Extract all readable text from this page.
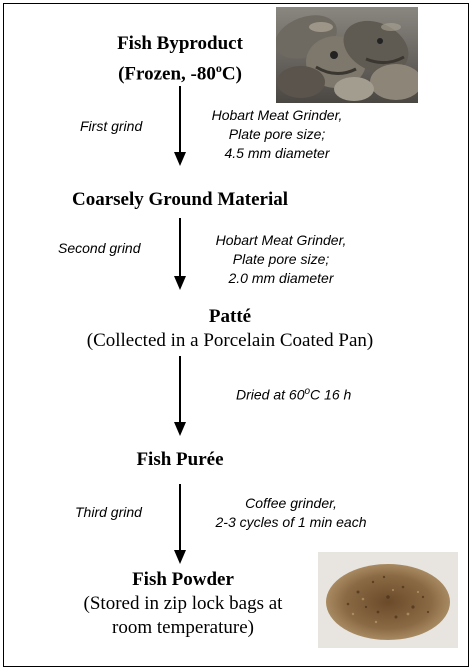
Fish Byproduct
(Frozen, -80$^o$C)
First grind
Hobart Meat Grinder,
Plate pore size;
4.5 mm diameter
Coarsely Ground Material
Second grind	Hobart Meat Grinder,
Plate pore size;
2.0 mm diameter
Patté
(Collected in a Porcelain Coated Pan)
Dried at 60$^o$C 16 h
Fish Purée
Third grind
Coffee grinder,
2-3 cycles of 1 min each
Fish Powder
(Stored in zip lock bags at
room temperature)
